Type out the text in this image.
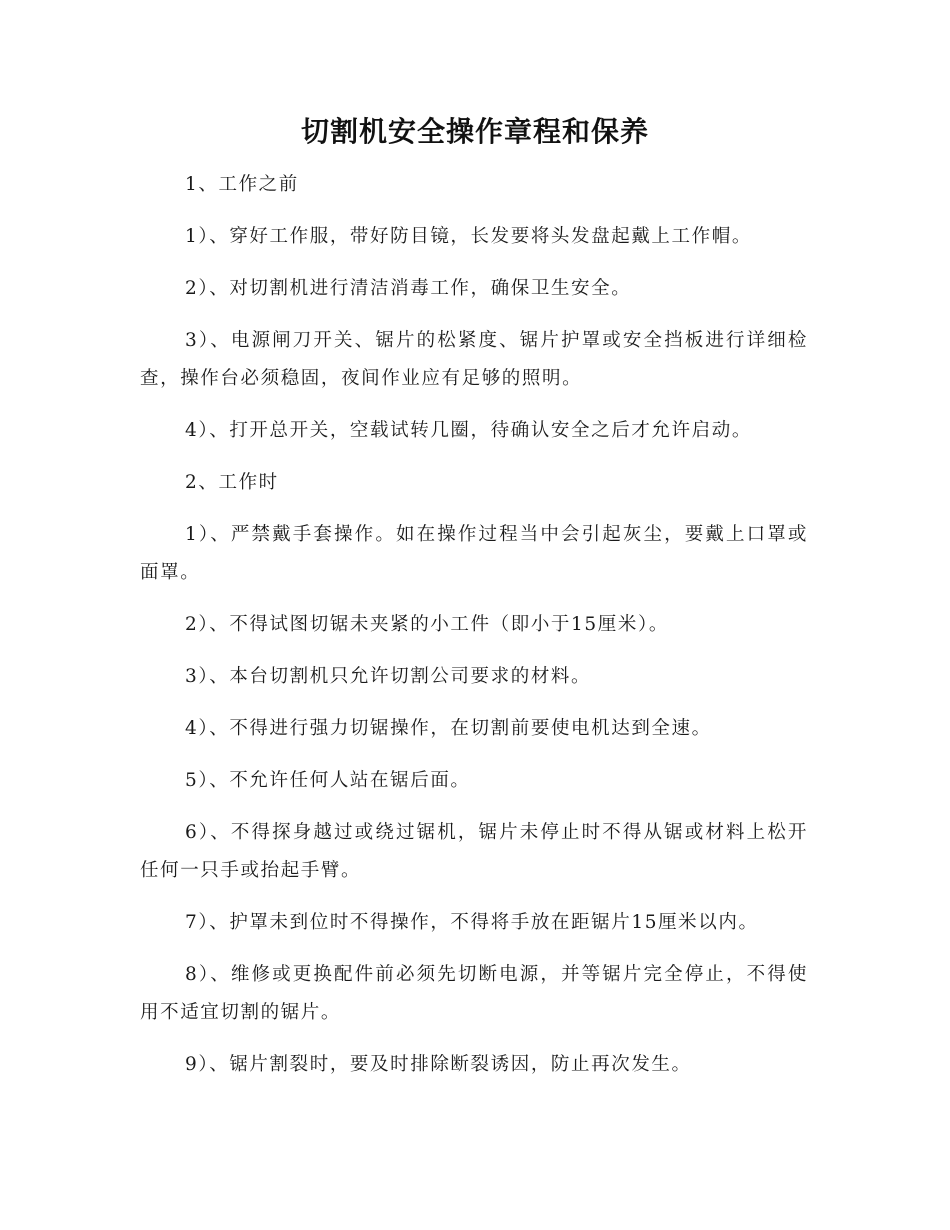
切割机安全操作章程和保养

1、工作之前

1）、穿好工作服，带好防目镜，长发要将头发盘起戴上工作帽。

2）、对切割机进行清洁消毒工作，确保卫生安全。

3）、电源闸刀开关、锯片的松紧度、锯片护罩或安全挡板进行详细检查，操作台必须稳固，夜间作业应有足够的照明。

4）、打开总开关，空载试转几圈，待确认安全之后才允许启动。

2、工作时

1）、严禁戴手套操作。如在操作过程当中会引起灰尘，要戴上口罩或面罩。

2）、不得试图切锯未夹紧的小工件（即小于15厘米）。

3）、本台切割机只允许切割公司要求的材料。

4）、不得进行强力切锯操作，在切割前要使电机达到全速。

5）、不允许任何人站在锯后面。

6）、不得探身越过或绕过锯机，锯片未停止时不得从锯或材料上松开任何一只手或抬起手臂。

7）、护罩未到位时不得操作，不得将手放在距锯片15厘米以内。

8）、维修或更换配件前必须先切断电源，并等锯片完全停止，不得使用不适宜切割的锯片。

9）、锯片割裂时，要及时排除断裂诱因，防止再次发生。
